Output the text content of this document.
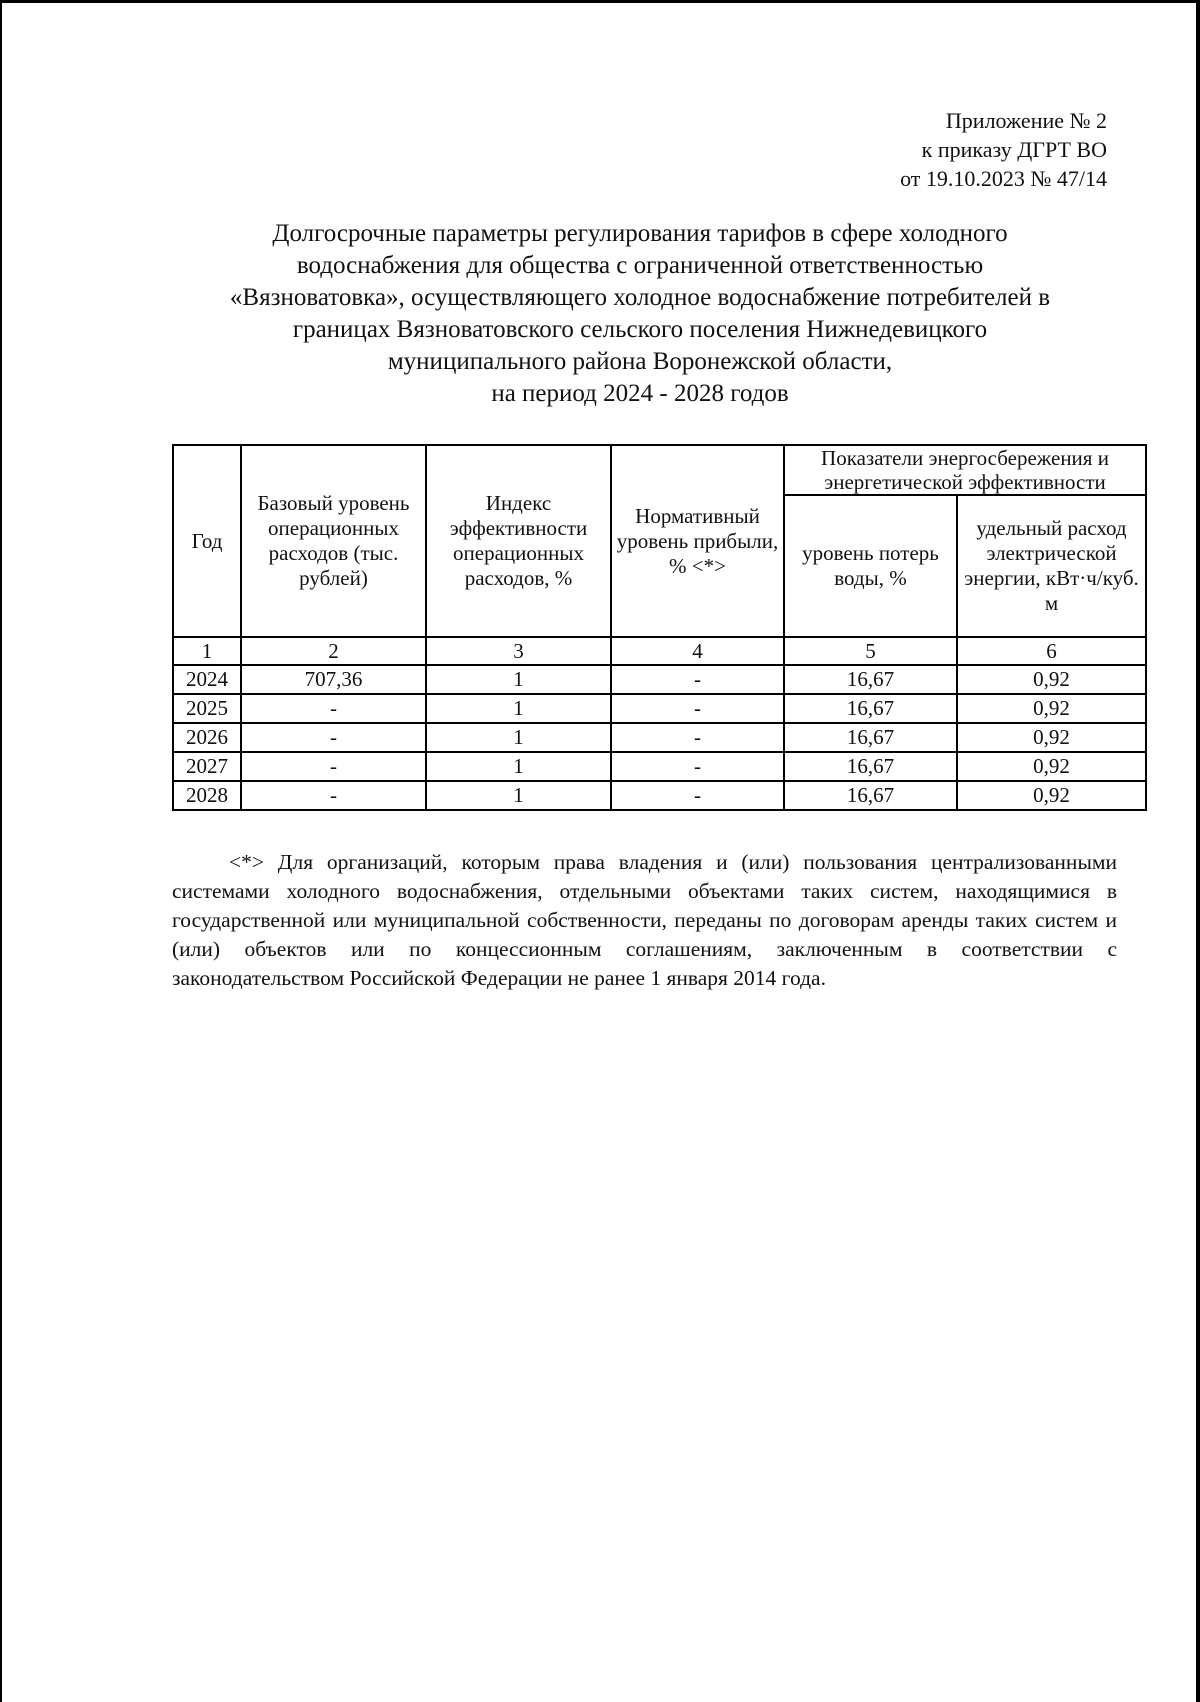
Приложение № 2
к приказу ДГРТ ВО
от 19.10.2023 № 47/14
Долгосрочные параметры регулирования тарифов в сфере холодного
водоснабжения для общества с ограниченной ответственностью
«Вязноватовка», осуществляющего холодное водоснабжение потребителей в
границах Вязноватовского сельского поселения Нижнедевицкого
муниципального района Воронежской области,
на период 2024 - 2028 годов
Год	Базовый уровень операционных расходов (тыс. рублей)	Индекс эффективности операционных расходов, %	Нормативный уровень прибыли, % <*>	Показатели энергосбережения и энергетической эффективности	
				уровень потерь воды, %	удельный расход электрической энергии, кВт·ч/куб. м
1	2	3	4	5	6
2024	707,36	1	-	16,67	0,92
2025	-	1	-	16,67	0,92
2026	-	1	-	16,67	0,92
2027	-	1	-	16,67	0,92
2028	-	1	-	16,67	0,92

<*> Для организаций, которым права владения и (или) пользования централизованными системами холодного водоснабжения, отдельными объектами таких систем, находящимися в государственной или муниципальной собственности, переданы по договорам аренды таких систем и (или) объектов или по концессионным соглашениям, заключенным в соответствии с законодательством Российской Федерации не ранее 1 января 2014 года.
